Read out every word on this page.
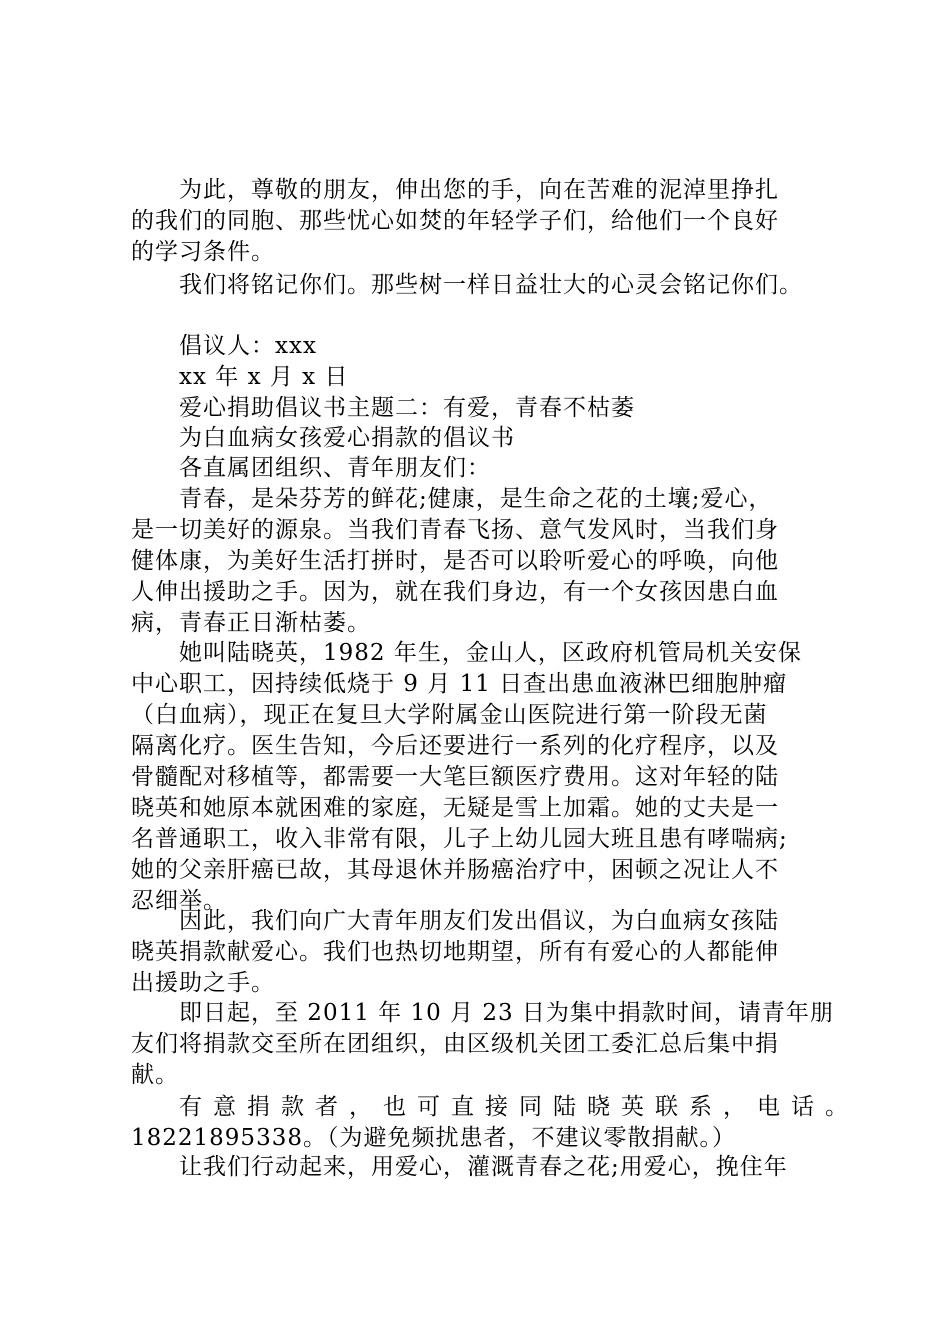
为此，尊敬的朋友，伸出您的手，向在苦难的泥淖里挣扎
的我们的同胞、那些忧心如焚的年轻学子们，给他们一个良好
的学习条件。
我们将铭记你们。那些树一样日益壮大的心灵会铭记你们。
倡议人：xxx
xx 年 x 月 x 日
爱心捐助倡议书主题二：有爱，青春不枯萎
为白血病女孩爱心捐款的倡议书
各直属团组织、青年朋友们：
青春，是朵芬芳的鲜花;健康，是生命之花的土壤;爱心，
是一切美好的源泉。当我们青春飞扬、意气发风时，当我们身
健体康，为美好生活打拼时，是否可以聆听爱心的呼唤，向他
人伸出援助之手。因为，就在我们身边，有一个女孩因患白血
病，青春正日渐枯萎。
她叫陆晓英，1982 年生，金山人，区政府机管局机关安保
中心职工，因持续低烧于 9 月 11 日查出患血液淋巴细胞肿瘤
（白血病），现正在复旦大学附属金山医院进行第一阶段无菌
隔离化疗。医生告知，今后还要进行一系列的化疗程序，以及
骨髓配对移植等，都需要一大笔巨额医疗费用。这对年轻的陆
晓英和她原本就困难的家庭，无疑是雪上加霜。她的丈夫是一
名普通职工，收入非常有限，儿子上幼儿园大班且患有哮喘病;
她的父亲肝癌已故，其母退休并肠癌治疗中，困顿之况让人不
忍细举。
因此，我们向广大青年朋友们发出倡议，为白血病女孩陆
晓英捐款献爱心。我们也热切地期望，所有有爱心的人都能伸
出援助之手。
即日起，至 2011 年 10 月 23 日为集中捐款时间，请青年朋
友们将捐款交至所在团组织，由区级机关团工委汇总后集中捐
献。
有意捐款者，也可直接同陆晓英联系，电话。
18221895338。（为避免频扰患者，不建议零散捐献。）
让我们行动起来，用爱心，灌溉青春之花;用爱心，挽住年
